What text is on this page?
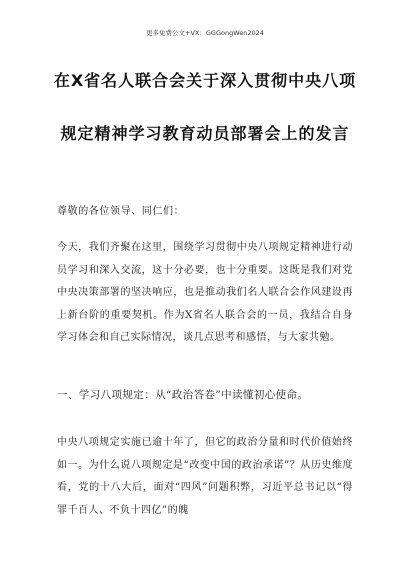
更多免费公文+VX：GGGongWen2024
在X省名人联合会关于深入贯彻中央八项
规定精神学习教育动员部署会上的发言
尊敬的各位领导、同仁们：
今天，我们齐聚在这里，围绕学习贯彻中央八项规定精神进行动员学习和深入交流，这十分必要，也十分重要。这既是我们对党中央决策部署的坚决响应，也是推动我们名人联合会作风建设再上新台阶的重要契机。作为X省名人联合会的一员，我结合自身学习体会和自己实际情况，谈几点思考和感悟，与大家共勉。
一、学习八项规定：从“政治答卷”中读懂初心使命。
中央八项规定实施已逾十年了，但它的政治分量和时代价值始终如一。为什么说八项规定是“改变中国的政治承诺”？从历史维度看，党的十八大后，面对“四风”问题积弊，习近平总书记以“得罪千百人、不负十四亿”的魄
